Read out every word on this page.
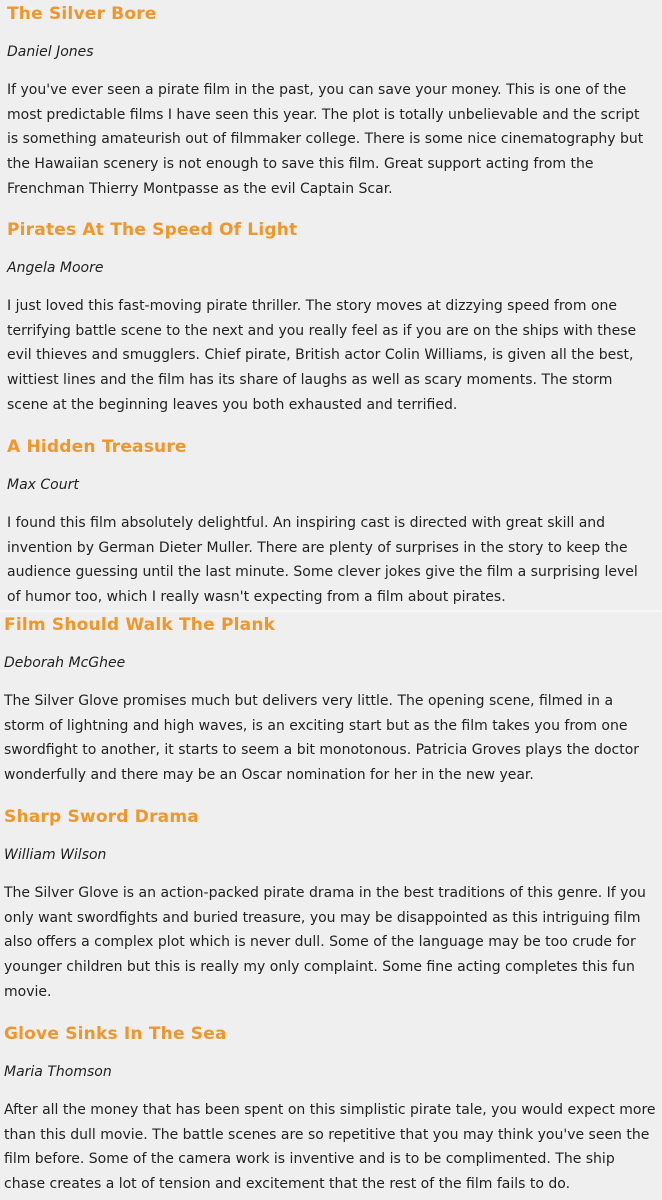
The Silver Bore

Daniel Jones

If you've ever seen a pirate film in the past, you can save your money. This is one of the most predictable films I have seen this year. The plot is totally unbelievable and the script is something amateurish out of filmmaker college. There is some nice cinematography but the Hawaiian scenery is not enough to save this film. Great support acting from the Frenchman Thierry Montpasse as the evil Captain Scar.

Pirates At The Speed Of Light

Angela Moore

I just loved this fast-moving pirate thriller. The story moves at dizzying speed from one terrifying battle scene to the next and you really feel as if you are on the ships with these evil thieves and smugglers. Chief pirate, British actor Colin Williams, is given all the best, wittiest lines and the film has its share of laughs as well as scary moments. The storm scene at the beginning leaves you both exhausted and terrified.

A Hidden Treasure

Max Court

I found this film absolutely delightful. An inspiring cast is directed with great skill and invention by German Dieter Muller. There are plenty of surprises in the story to keep the audience guessing until the last minute. Some clever jokes give the film a surprising level of humor too, which I really wasn't expecting from a film about pirates.

Film Should Walk The Plank

Deborah McGhee

The Silver Glove promises much but delivers very little. The opening scene, filmed in a storm of lightning and high waves, is an exciting start but as the film takes you from one swordfight to another, it starts to seem a bit monotonous. Patricia Groves plays the doctor wonderfully and there may be an Oscar nomination for her in the new year.

Sharp Sword Drama

William Wilson

The Silver Glove is an action-packed pirate drama in the best traditions of this genre. If you only want swordfights and buried treasure, you may be disappointed as this intriguing film also offers a complex plot which is never dull. Some of the language may be too crude for younger children but this is really my only complaint. Some fine acting completes this fun movie.

Glove Sinks In The Sea

Maria Thomson

After all the money that has been spent on this simplistic pirate tale, you would expect more than this dull movie. The battle scenes are so repetitive that you may think you've seen the film before. Some of the camera work is inventive and is to be complimented. The ship chase creates a lot of tension and excitement that the rest of the film fails to do.
